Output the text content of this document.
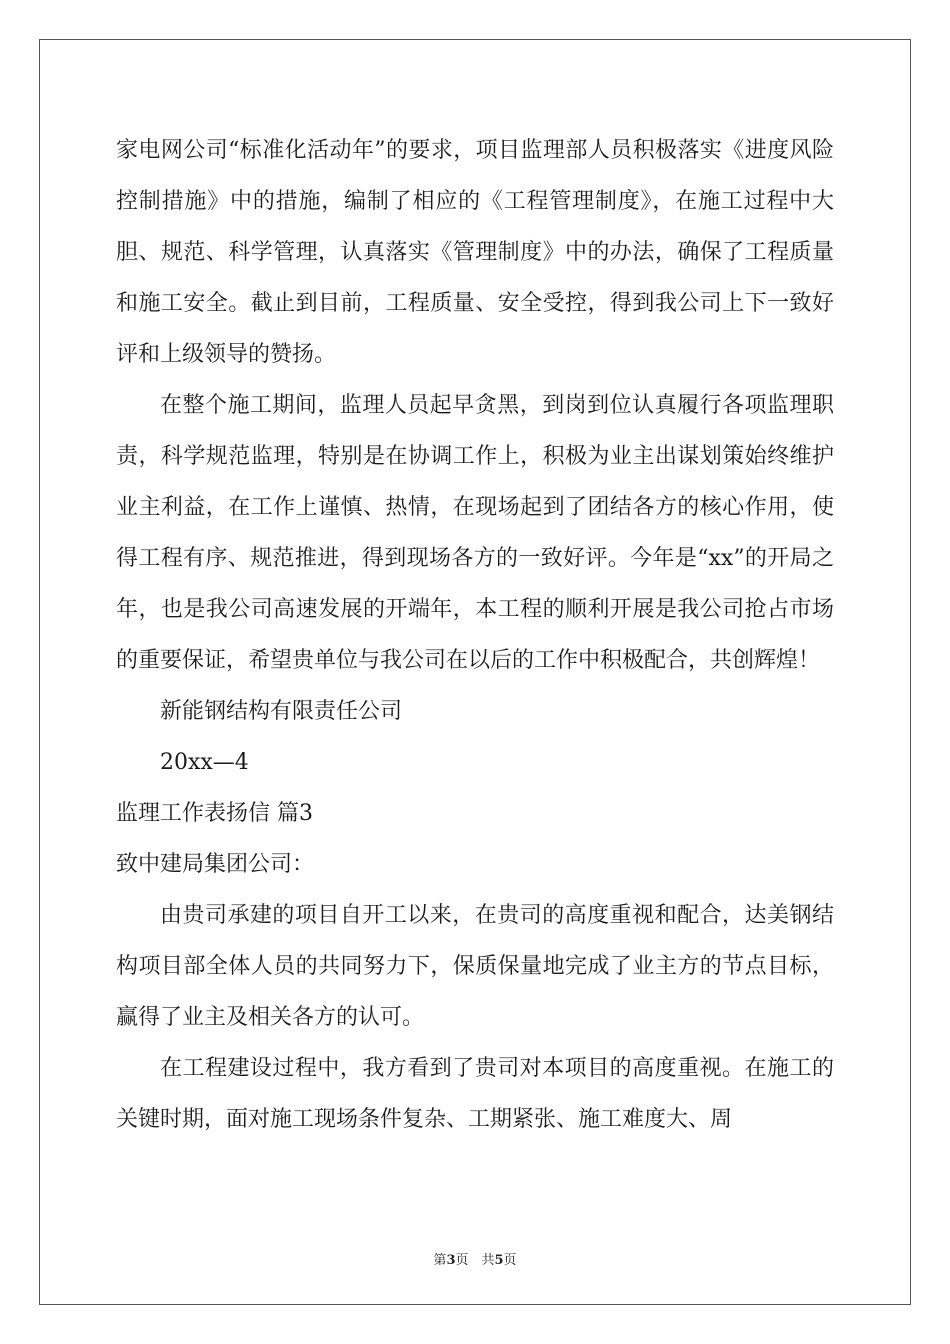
家电网公司“标准化活动年”的要求，项目监理部人员积极落实《进度风险控制措施》中的措施，编制了相应的《工程管理制度》，在施工过程中大胆、规范、科学管理，认真落实《管理制度》中的办法，确保了工程质量和施工安全。截止到目前，工程质量、安全受控，得到我公司上下一致好评和上级领导的赞扬。

在整个施工期间，监理人员起早贪黑，到岗到位认真履行各项监理职责，科学规范监理，特别是在协调工作上，积极为业主出谋划策始终维护业主利益，在工作上谨慎、热情，在现场起到了团结各方的核心作用，使得工程有序、规范推进，得到现场各方的一致好评。今年是“xx”的开局之年，也是我公司高速发展的开端年，本工程的顺利开展是我公司抢占市场的重要保证，希望贵单位与我公司在以后的工作中积极配合，共创辉煌！

新能钢结构有限责任公司

20xx—4

监理工作表扬信 篇3

致中建局集团公司：

由贵司承建的项目自开工以来，在贵司的高度重视和配合，达美钢结构项目部全体人员的共同努力下，保质保量地完成了业主方的节点目标，赢得了业主及相关各方的认可。

在工程建设过程中，我方看到了贵司对本项目的高度重视。在施工的关键时期，面对施工现场条件复杂、工期紧张、施工难度大、周

第3页　共5页
